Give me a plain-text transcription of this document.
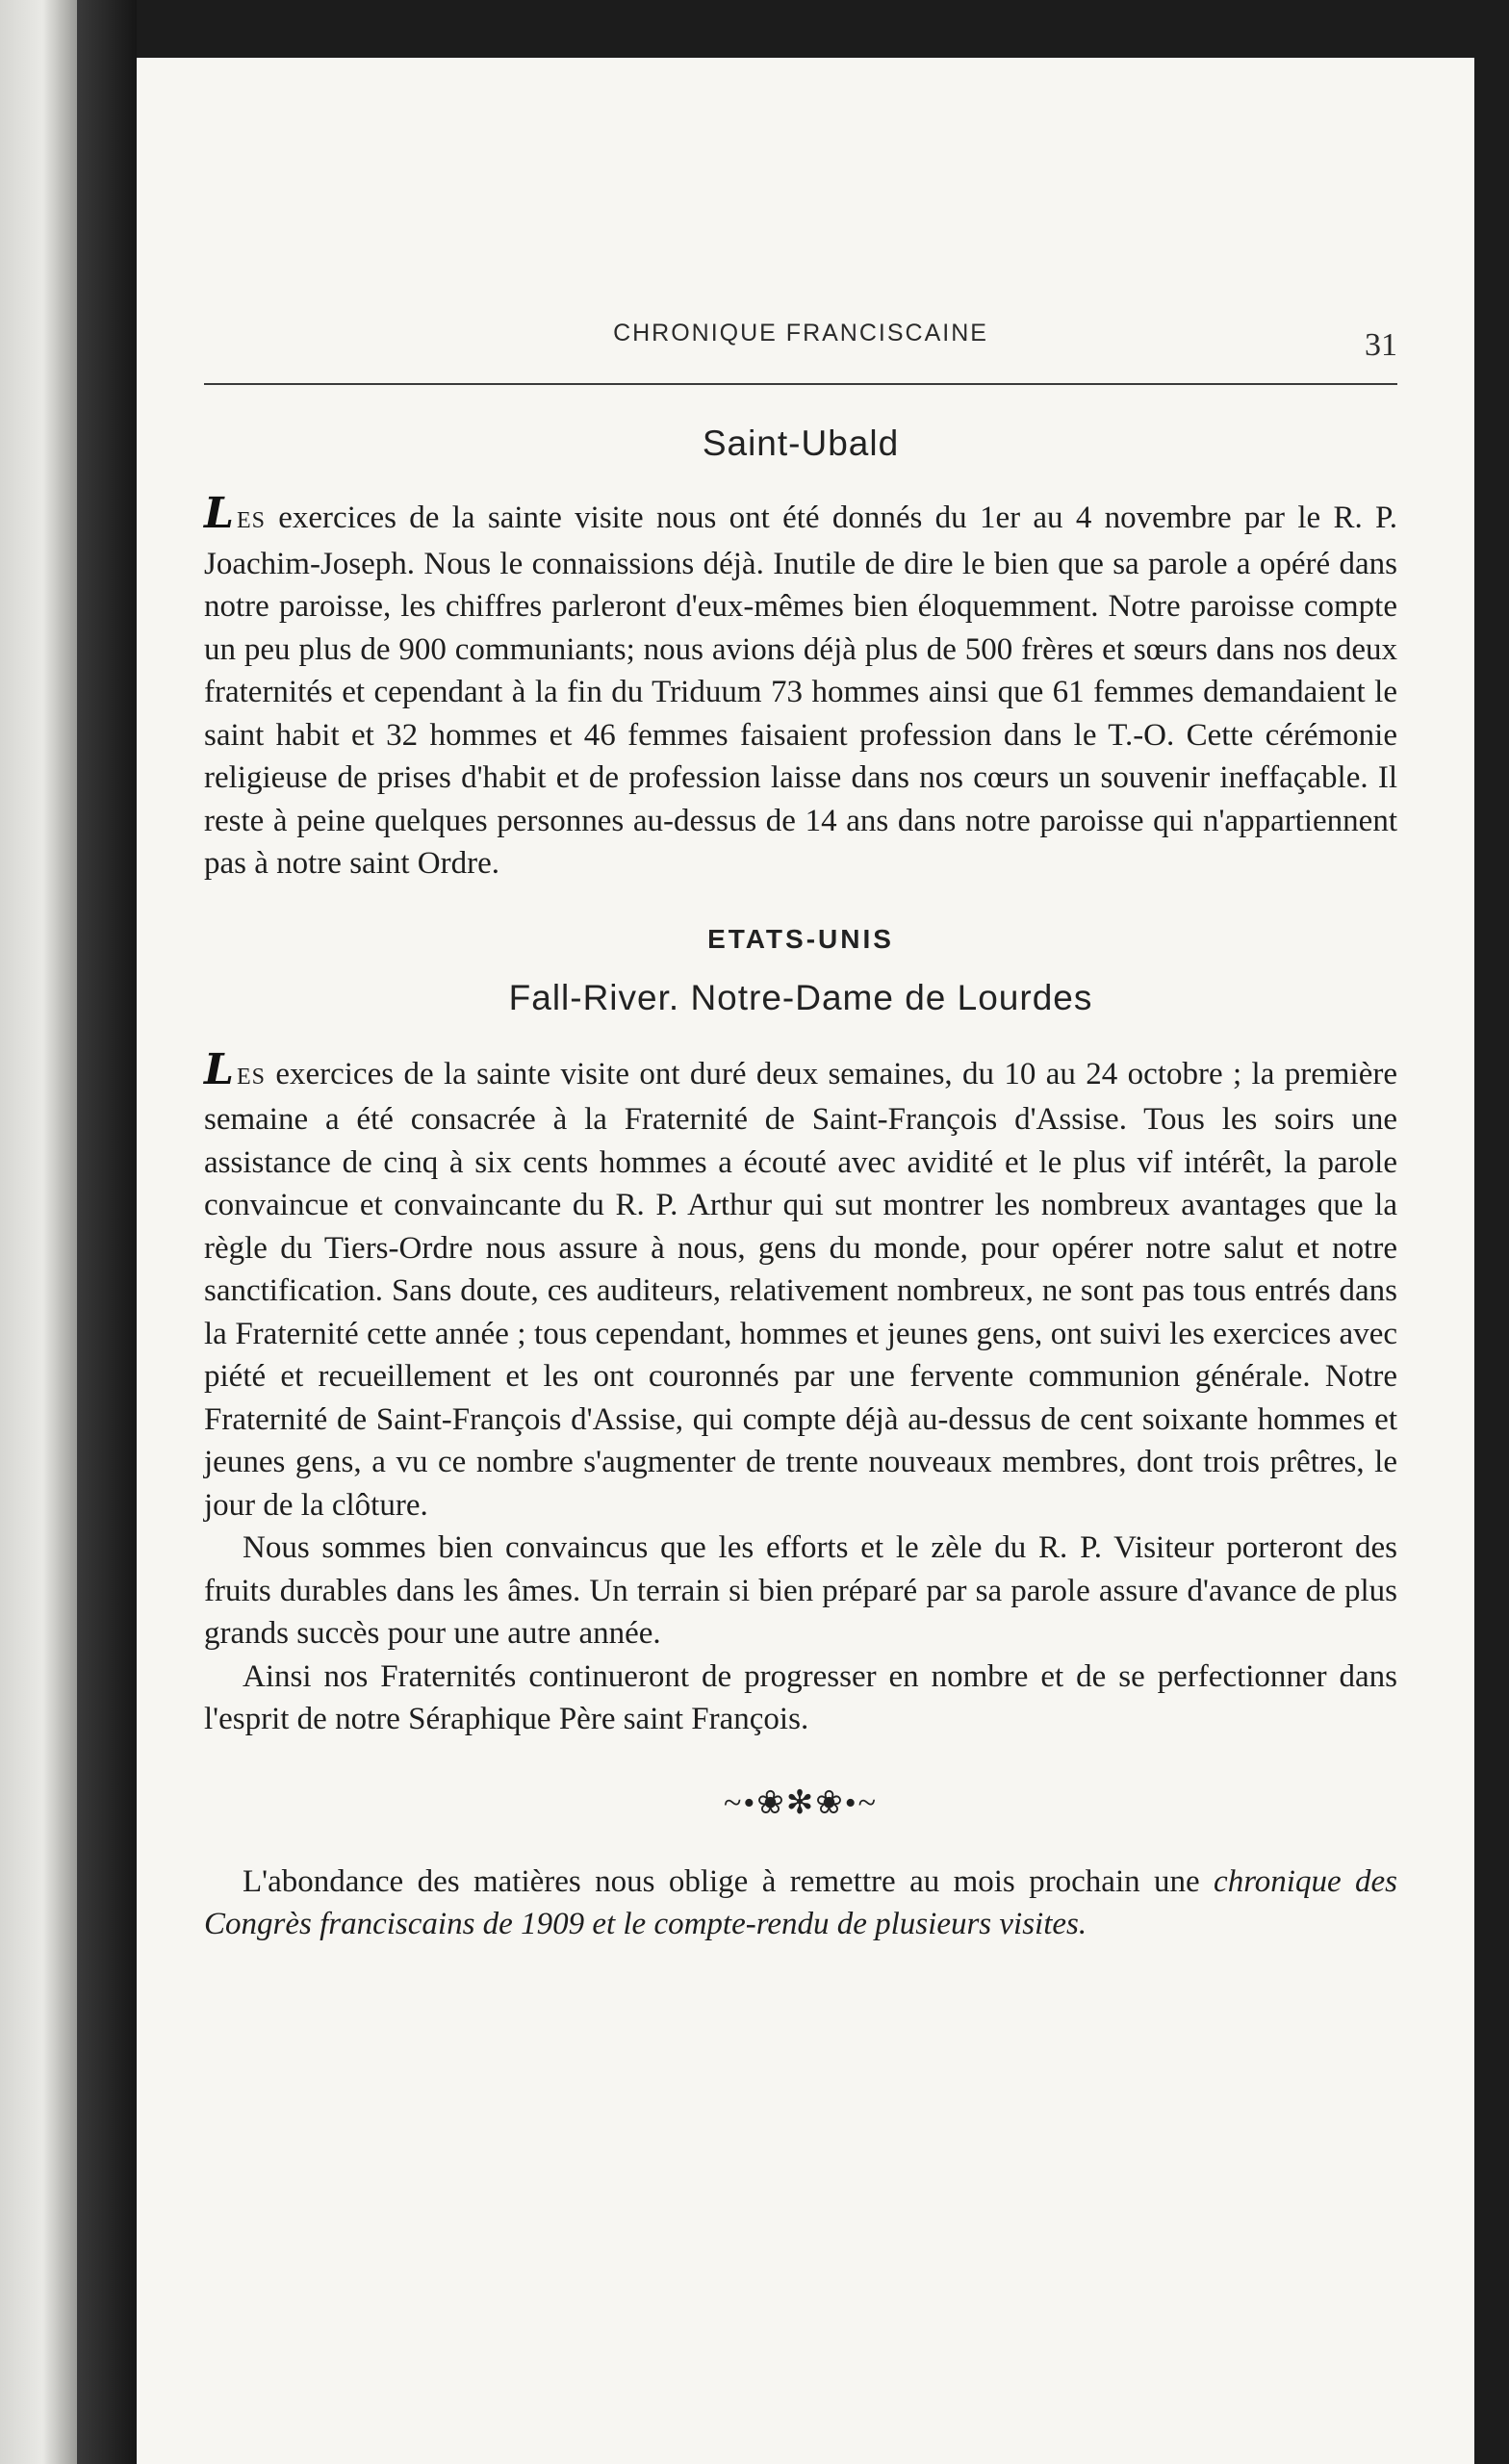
CHRONIQUE FRANCISCAINE	31
Saint-Ubald

LES exercices de la sainte visite nous ont été donnés du 1er au 4 novembre par le R. P. Joachim-Joseph. Nous le connaissions déjà. Inutile de dire le bien que sa parole a opéré dans notre paroisse, les chiffres parleront d'eux-mêmes bien éloquemment. Notre paroisse compte un peu plus de 900 communiants; nous avions déjà plus de 500 frères et sœurs dans nos deux fraternités et cependant à la fin du Triduum 73 hommes ainsi que 61 femmes demandaient le saint habit et 32 hommes et 46 femmes faisaient profession dans le T.-O. Cette cérémonie religieuse de prises d'habit et de profession laisse dans nos cœurs un souvenir ineffaçable. Il reste à peine quelques personnes au-dessus de 14 ans dans notre paroisse qui n'appartiennent pas à notre saint Ordre.

ETATS-UNIS
Fall-River. Notre-Dame de Lourdes

LES exercices de la sainte visite ont duré deux semaines, du 10 au 24 octobre ; la première semaine a été consacrée à la Fraternité de Saint-François d'Assise. Tous les soirs une assistance de cinq à six cents hommes a écouté avec avidité et le plus vif intérêt, la parole convaincue et convaincante du R. P. Arthur qui sut montrer les nombreux avantages que la règle du Tiers-Ordre nous assure à nous, gens du monde, pour opérer notre salut et notre sanctification. Sans doute, ces auditeurs, relativement nombreux, ne sont pas tous entrés dans la Fraternité cette année ; tous cependant, hommes et jeunes gens, ont suivi les exercices avec piété et recueillement et les ont couronnés par une fervente communion générale. Notre Fraternité de Saint-François d'Assise, qui compte déjà au-dessus de cent soixante hommes et jeunes gens, a vu ce nombre s'augmenter de trente nouveaux membres, dont trois prêtres, le jour de la clôture.

Nous sommes bien convaincus que les efforts et le zèle du R. P. Visiteur porteront des fruits durables dans les âmes. Un terrain si bien préparé par sa parole assure d'avance de plus grands succès pour une autre année.

Ainsi nos Fraternités continueront de progresser en nombre et de se perfectionner dans l'esprit de notre Séraphique Père saint François.

~•❀✻❀•~

L'abondance des matières nous oblige à remettre au mois prochain une chronique des Congrès franciscains de 1909 et le compte-rendu de plusieurs visites.
